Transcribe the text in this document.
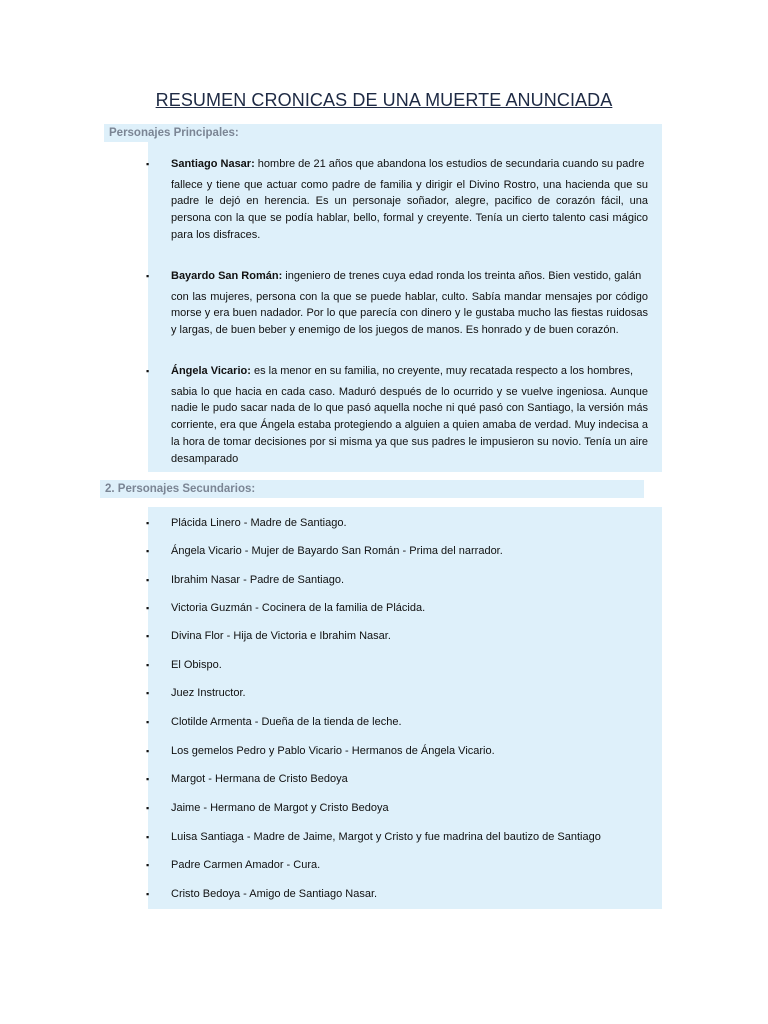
RESUMEN CRONICAS DE UNA MUERTE ANUNCIADA
Personajes Principales:
▪ Santiago Nasar: hombre de 21 años que abandona los estudios de secundaria cuando su padre
fallece y tiene que actuar como padre de familia y dirigir el Divino Rostro, una hacienda que su padre le dejó en herencia. Es un personaje soñador, alegre, pacifico de corazón fácil, una persona con la que se podía hablar, bello, formal y creyente. Tenía un cierto talento casi mágico para los disfraces.
▪ Bayardo San Román: ingeniero de trenes cuya edad ronda los treinta años. Bien vestido, galán
con las mujeres, persona con la que se puede hablar, culto. Sabía mandar mensajes por código morse y era buen nadador. Por lo que parecía con dinero y le gustaba mucho las fiestas ruidosas y largas, de buen beber y enemigo de los juegos de manos. Es honrado y de buen corazón.
▪ Ángela Vicario: es la menor en su familia, no creyente, muy recatada respecto a los hombres,
sabia lo que hacia en cada caso. Maduró después de lo ocurrido y se vuelve ingeniosa. Aunque nadie le pudo sacar nada de lo que pasó aquella noche ni qué pasó con Santiago, la versión más corriente, era que Ángela estaba protegiendo a alguien a quien amaba de verdad. Muy indecisa a la hora de tomar decisiones por si misma ya que sus padres le impusieron su novio. Tenía un aire desamparado
2. Personajes Secundarios:
▪ Plácida Linero - Madre de Santiago.
▪ Ángela Vicario - Mujer de Bayardo San Román - Prima del narrador.
▪ Ibrahim Nasar - Padre de Santiago.
▪ Victoria Guzmán - Cocinera de la familia de Plácida.
▪ Divina Flor - Hija de Victoria e Ibrahim Nasar.
▪ El Obispo.
▪ Juez Instructor.
▪ Clotilde Armenta - Dueña de la tienda de leche.
▪ Los gemelos Pedro y Pablo Vicario - Hermanos de Ángela Vicario.
▪ Margot - Hermana de Cristo Bedoya
▪ Jaime - Hermano de Margot y Cristo Bedoya
▪ Luisa Santiaga - Madre de Jaime, Margot y Cristo y fue madrina del bautizo de Santiago
▪ Padre Carmen Amador - Cura.
▪ Cristo Bedoya - Amigo de Santiago Nasar.
